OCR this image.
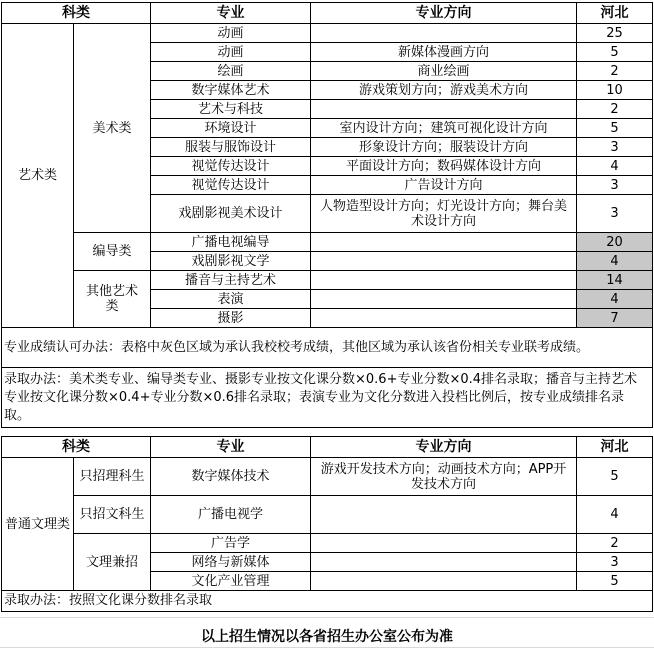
科类		专业	专业方向	河北
艺术类	美术类	动画		25
		动画	新媒体漫画方向	5
		绘画	商业绘画	2
		数字媒体艺术	游戏策划方向；游戏美术方向	10
		艺术与科技		2
		环境设计	室内设计方向；建筑可视化设计方向	5
		服装与服饰设计	形象设计方向；服装设计方向	3
		视觉传达设计	平面设计方向；数码媒体设计方向	4
		视觉传达设计	广告设计方向	3
		戏剧影视美术设计	人物造型设计方向；灯光设计方向；舞台美术设计方向	3
	编导类	广播电视编导		20
		戏剧影视文学		4
	其他艺术类	播音与主持艺术		14
		表演		4
		摄影		7
专业成绩认可办法：表格中灰色区域为承认我校校考成绩，其他区域为承认该省份相关专业联考成绩。				
录取办法：美术类专业、编导类专业、摄影专业按文化课分数×0.6+专业分数×0.4排名录取；播音与主持艺术专业按文化课分数×0.4+专业分数×0.6排名录取；表演专业为文化分数进入投档比例后，按专业成绩排名录取。				
科类		专业	专业方向	河北
普通文理类	只招理科生	数字媒体技术	游戏开发技术方向；动画技术方向；APP开发技术方向	5
	只招文科生	广播电视学		4
	文理兼招	广告学		2
		网络与新媒体		3
		文化产业管理		5
录取办法：按照文化课分数排名录取				
以上招生情况以各省招生办公室公布为准
